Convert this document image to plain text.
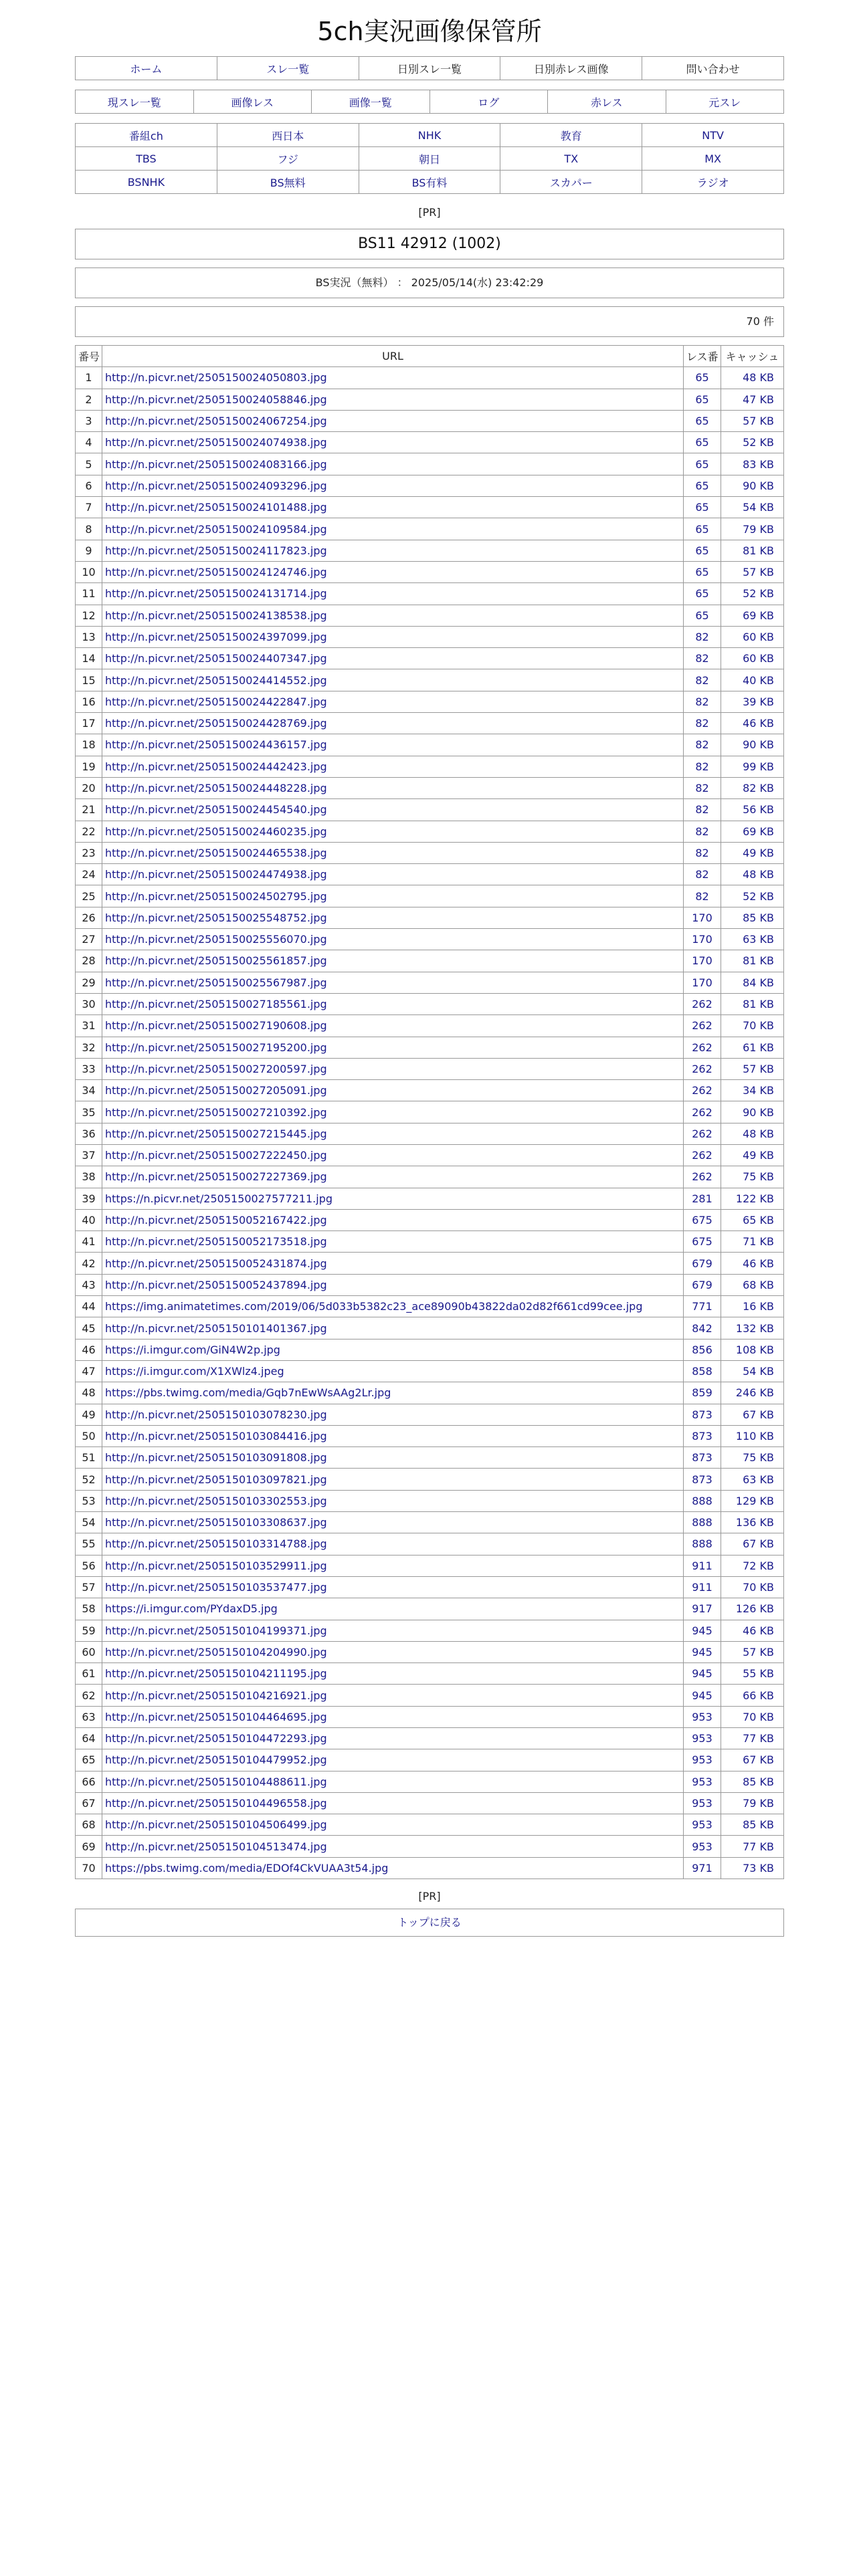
5ch実況画像保管所
ホーム	スレ一覧	日別スレ一覧	日別赤レス画像	問い合わせ
現スレ一覧	画像レス	画像一覧	ログ	赤レス	元スレ
番組ch	西日本	NHK	教育	NTV
TBS	フジ	朝日	TX	MX
BSNHK	BS無料	BS有料	スカパー	ラジオ
[PR]
BS11 42912 (1002)
BS実況（無料） ： 2025/05/14(水) 23:42:29
70 件
番号	URL	レス番	キャッシュ
1	http://n.picvr.net/2505150024050803.jpg	65	48 KB
2	http://n.picvr.net/2505150024058846.jpg	65	47 KB
3	http://n.picvr.net/2505150024067254.jpg	65	57 KB
4	http://n.picvr.net/2505150024074938.jpg	65	52 KB
5	http://n.picvr.net/2505150024083166.jpg	65	83 KB
6	http://n.picvr.net/2505150024093296.jpg	65	90 KB
7	http://n.picvr.net/2505150024101488.jpg	65	54 KB
8	http://n.picvr.net/2505150024109584.jpg	65	79 KB
9	http://n.picvr.net/2505150024117823.jpg	65	81 KB
10	http://n.picvr.net/2505150024124746.jpg	65	57 KB
11	http://n.picvr.net/2505150024131714.jpg	65	52 KB
12	http://n.picvr.net/2505150024138538.jpg	65	69 KB
13	http://n.picvr.net/2505150024397099.jpg	82	60 KB
14	http://n.picvr.net/2505150024407347.jpg	82	60 KB
15	http://n.picvr.net/2505150024414552.jpg	82	40 KB
16	http://n.picvr.net/2505150024422847.jpg	82	39 KB
17	http://n.picvr.net/2505150024428769.jpg	82	46 KB
18	http://n.picvr.net/2505150024436157.jpg	82	90 KB
19	http://n.picvr.net/2505150024442423.jpg	82	99 KB
20	http://n.picvr.net/2505150024448228.jpg	82	82 KB
21	http://n.picvr.net/2505150024454540.jpg	82	56 KB
22	http://n.picvr.net/2505150024460235.jpg	82	69 KB
23	http://n.picvr.net/2505150024465538.jpg	82	49 KB
24	http://n.picvr.net/2505150024474938.jpg	82	48 KB
25	http://n.picvr.net/2505150024502795.jpg	82	52 KB
26	http://n.picvr.net/2505150025548752.jpg	170	85 KB
27	http://n.picvr.net/2505150025556070.jpg	170	63 KB
28	http://n.picvr.net/2505150025561857.jpg	170	81 KB
29	http://n.picvr.net/2505150025567987.jpg	170	84 KB
30	http://n.picvr.net/2505150027185561.jpg	262	81 KB
31	http://n.picvr.net/2505150027190608.jpg	262	70 KB
32	http://n.picvr.net/2505150027195200.jpg	262	61 KB
33	http://n.picvr.net/2505150027200597.jpg	262	57 KB
34	http://n.picvr.net/2505150027205091.jpg	262	34 KB
35	http://n.picvr.net/2505150027210392.jpg	262	90 KB
36	http://n.picvr.net/2505150027215445.jpg	262	48 KB
37	http://n.picvr.net/2505150027222450.jpg	262	49 KB
38	http://n.picvr.net/2505150027227369.jpg	262	75 KB
39	https://n.picvr.net/2505150027577211.jpg	281	122 KB
40	http://n.picvr.net/2505150052167422.jpg	675	65 KB
41	http://n.picvr.net/2505150052173518.jpg	675	71 KB
42	http://n.picvr.net/2505150052431874.jpg	679	46 KB
43	http://n.picvr.net/2505150052437894.jpg	679	68 KB
44	https://img.animatetimes.com/2019/06/5d033b5382c23_ace89090b43822da02d82f661cd99cee.jpg	771	16 KB
45	http://n.picvr.net/2505150101401367.jpg	842	132 KB
46	https://i.imgur.com/GiN4W2p.jpg	856	108 KB
47	https://i.imgur.com/X1XWlz4.jpeg	858	54 KB
48	https://pbs.twimg.com/media/Gqb7nEwWsAAg2Lr.jpg	859	246 KB
49	http://n.picvr.net/2505150103078230.jpg	873	67 KB
50	http://n.picvr.net/2505150103084416.jpg	873	110 KB
51	http://n.picvr.net/2505150103091808.jpg	873	75 KB
52	http://n.picvr.net/2505150103097821.jpg	873	63 KB
53	http://n.picvr.net/2505150103302553.jpg	888	129 KB
54	http://n.picvr.net/2505150103308637.jpg	888	136 KB
55	http://n.picvr.net/2505150103314788.jpg	888	67 KB
56	http://n.picvr.net/2505150103529911.jpg	911	72 KB
57	http://n.picvr.net/2505150103537477.jpg	911	70 KB
58	https://i.imgur.com/PYdaxD5.jpg	917	126 KB
59	http://n.picvr.net/2505150104199371.jpg	945	46 KB
60	http://n.picvr.net/2505150104204990.jpg	945	57 KB
61	http://n.picvr.net/2505150104211195.jpg	945	55 KB
62	http://n.picvr.net/2505150104216921.jpg	945	66 KB
63	http://n.picvr.net/2505150104464695.jpg	953	70 KB
64	http://n.picvr.net/2505150104472293.jpg	953	77 KB
65	http://n.picvr.net/2505150104479952.jpg	953	67 KB
66	http://n.picvr.net/2505150104488611.jpg	953	85 KB
67	http://n.picvr.net/2505150104496558.jpg	953	79 KB
68	http://n.picvr.net/2505150104506499.jpg	953	85 KB
69	http://n.picvr.net/2505150104513474.jpg	953	77 KB
70	https://pbs.twimg.com/media/EDOf4CkVUAA3t54.jpg	971	73 KB
[PR]
トップに戻る
